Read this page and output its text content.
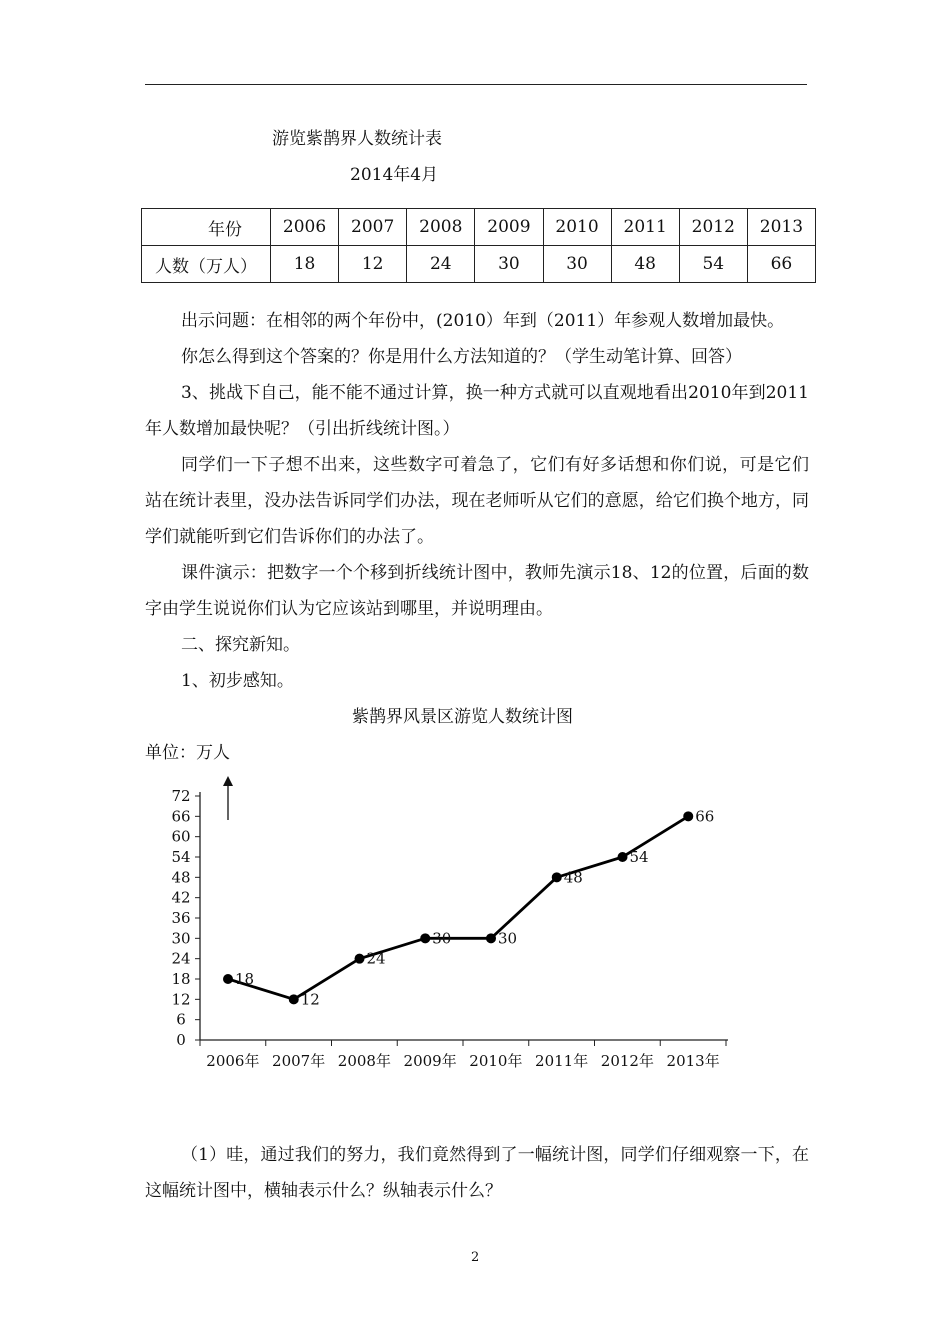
游览紫鹊界人数统计表
2014年4月
年份	2006	2007	2008	2009	2010	2011	2012	2013
人数（万人）	18	12	24	30	30	48	54	66

出示问题：在相邻的两个年份中，(2010）年到（2011）年参观人数增加最快。

你怎么得到这个答案的？你是用什么方法知道的？（学生动笔计算、回答）

3、挑战下自己，能不能不通过计算，换一种方式就可以直观地看出2010年到2011年人数增加最快呢？（引出折线统计图。）

同学们一下子想不出来，这些数字可着急了，它们有好多话想和你们说，可是它们站在统计表里，没办法告诉同学们办法，现在老师听从它们的意愿，给它们换个地方，同学们就能听到它们告诉你们的办法了。

课件演示：把数字一个个移到折线统计图中，教师先演示18、12的位置，后面的数字由学生说说你们认为它应该站到哪里，并说明理由。

二、探究新知。

1、初步感知。

紫鹊界风景区游览人数统计图
单位：万人
0
6
12
18
24
30
36
42
48
54
60
66
72
2006年 2007年 2008年 2009年 2010年 2011年 2012年 2013年
18
12
24
30	30
48
54
66

（1）哇，通过我们的努力，我们竟然得到了一幅统计图，同学们仔细观察一下，在这幅统计图中，横轴表示什么？纵轴表示什么？

2
